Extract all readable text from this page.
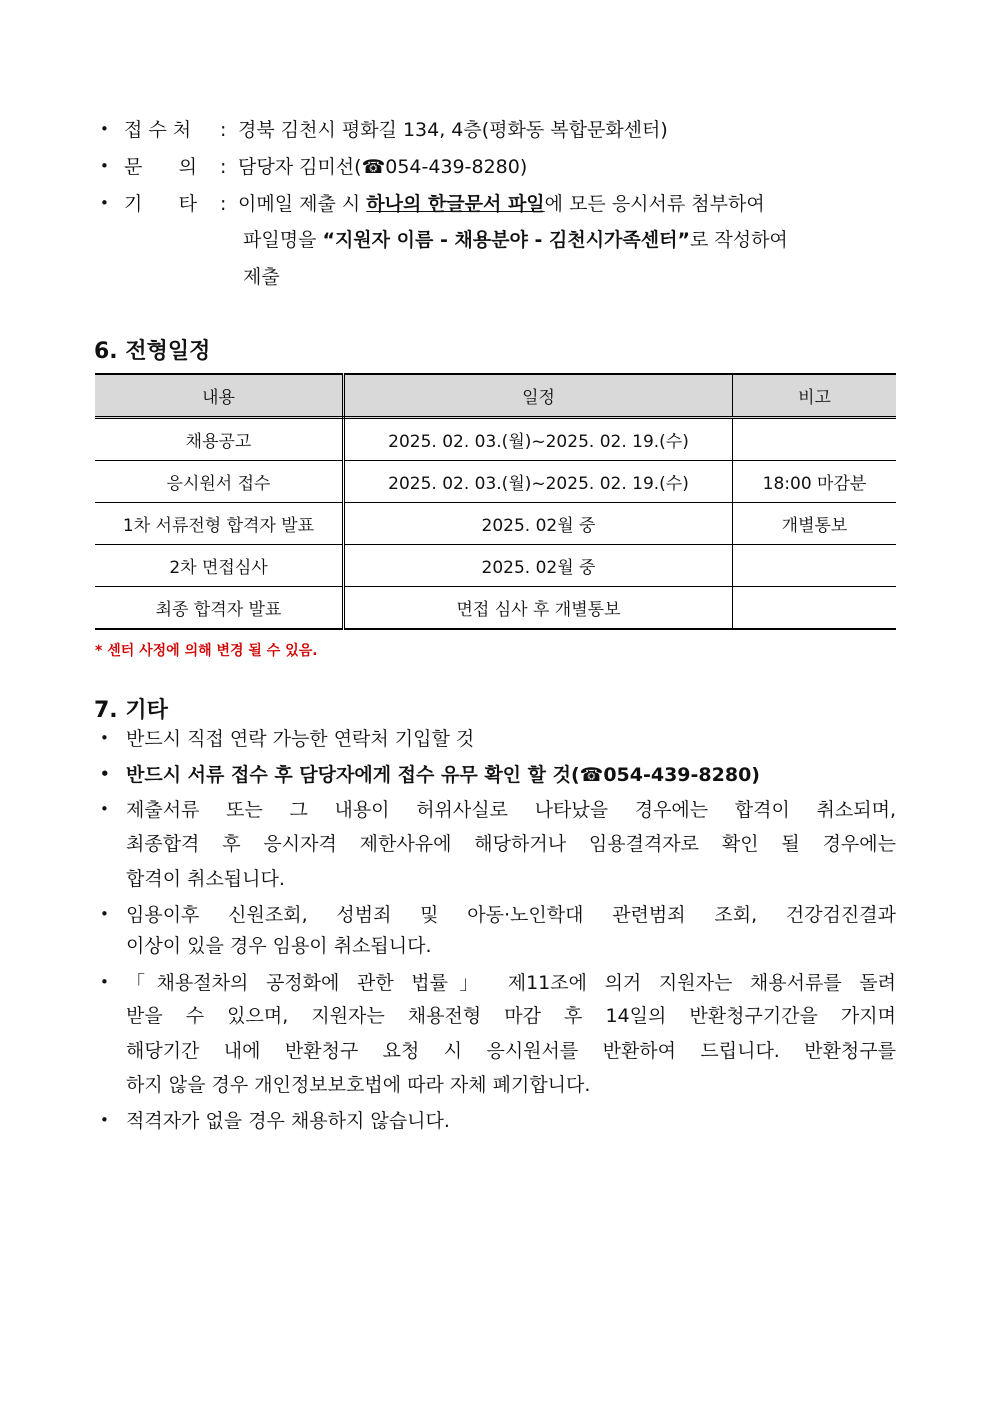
• 접 수 처 : 경북 김천시 평화길 134, 4층(평화동 복합문화센터)
• 문      의 : 담당자 김미선(☎054-439-8280)
• 기      타 : 이메일 제출 시 하나의 한글문서 파일에 모든 응시서류 첨부하여
파일명을 “지원자 이름 - 채용분야 - 김천시가족센터”로 작성하여
제출
6. 전형일정
내용	일정	비고
채용공고	2025. 02. 03.(월)~2025. 02. 19.(수)	
응시원서 접수	2025. 02. 03.(월)~2025. 02. 19.(수)	18:00 마감분
1차 서류전형 합격자 발표	2025. 02월 중	개별통보
2차 면접심사	2025. 02월 중	
최종 합격자 발표	면접 심사 후 개별통보	
* 센터 사정에 의해 변경 될 수 있음.
7. 기타
• 반드시 직접 연락 가능한 연락처 기입할 것
• 반드시 서류 접수 후 담당자에게 접수 유무 확인 할 것(☎054-439-8280)
• 제출서류 또는 그 내용이 허위사실로 나타났을 경우에는 합격이 취소되며,
최종합격 후 응시자격 제한사유에 해당하거나 임용결격자로 확인 될 경우에는
합격이 취소됩니다.
• 임용이후 신원조회, 성범죄 및 아동·노인학대 관련범죄 조회, 건강검진결과
이상이 있을 경우 임용이 취소됩니다.
• 「채용절차의 공정화에 관한 법률」 제11조에 의거 지원자는 채용서류를 돌려
받을 수 있으며, 지원자는 채용전형 마감 후 14일의 반환청구기간을 가지며
해당기간 내에 반환청구 요청 시 응시원서를 반환하여 드립니다. 반환청구를
하지 않을 경우 개인정보보호법에 따라 자체 폐기합니다.
• 적격자가 없을 경우 채용하지 않습니다.
